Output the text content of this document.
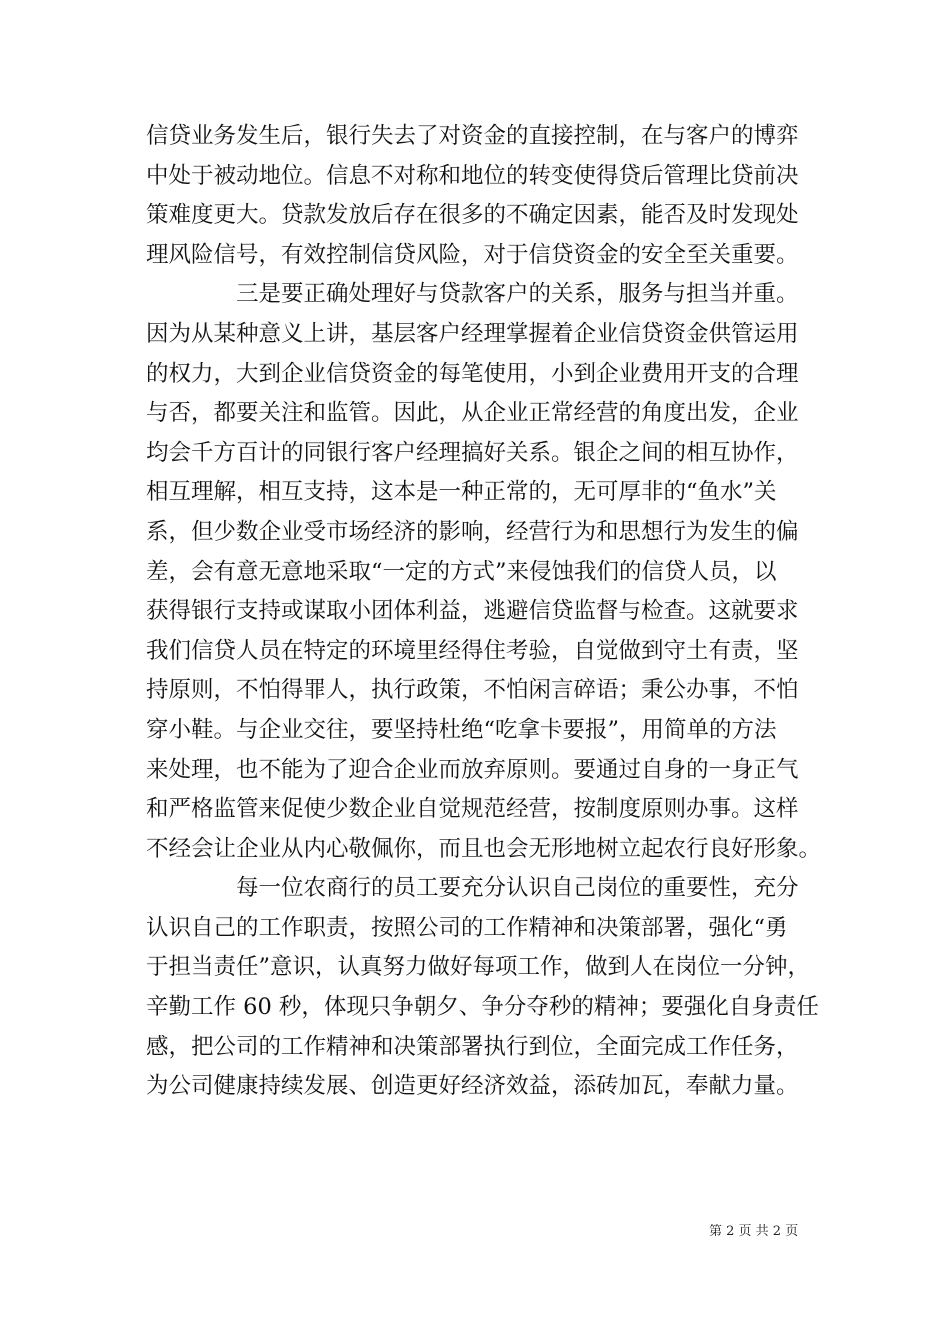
信贷业务发生后，银行失去了对资金的直接控制，在与客户的博弈
中处于被动地位。信息不对称和地位的转变使得贷后管理比贷前决
策难度更大。贷款发放后存在很多的不确定因素，能否及时发现处
理风险信号，有效控制信贷风险，对于信贷资金的安全至关重要。
三是要正确处理好与贷款客户的关系，服务与担当并重。
因为从某种意义上讲，基层客户经理掌握着企业信贷资金供管运用
的权力，大到企业信贷资金的每笔使用，小到企业费用开支的合理
与否，都要关注和监管。因此，从企业正常经营的角度出发，企业
均会千方百计的同银行客户经理搞好关系。银企之间的相互协作，
相互理解，相互支持，这本是一种正常的，无可厚非的“鱼水”关
系，但少数企业受市场经济的影响，经营行为和思想行为发生的偏
差，会有意无意地采取“一定的方式”来侵蚀我们的信贷人员，以
获得银行支持或谋取小团体利益，逃避信贷监督与检查。这就要求
我们信贷人员在特定的环境里经得住考验，自觉做到守土有责，坚
持原则，不怕得罪人，执行政策，不怕闲言碎语；秉公办事，不怕
穿小鞋。与企业交往，要坚持杜绝“吃拿卡要报”，用简单的方法
来处理，也不能为了迎合企业而放弃原则。要通过自身的一身正气
和严格监管来促使少数企业自觉规范经营，按制度原则办事。这样
不经会让企业从内心敬佩你，而且也会无形地树立起农行良好形象。
每一位农商行的员工要充分认识自己岗位的重要性，充分
认识自己的工作职责，按照公司的工作精神和决策部署，强化“勇
于担当责任”意识，认真努力做好每项工作，做到人在岗位一分钟，
辛勤工作 60 秒，体现只争朝夕、争分夺秒的精神；要强化自身责任
感，把公司的工作精神和决策部署执行到位，全面完成工作任务，
为公司健康持续发展、创造更好经济效益，添砖加瓦，奉献力量。
第 2 页 共 2 页
